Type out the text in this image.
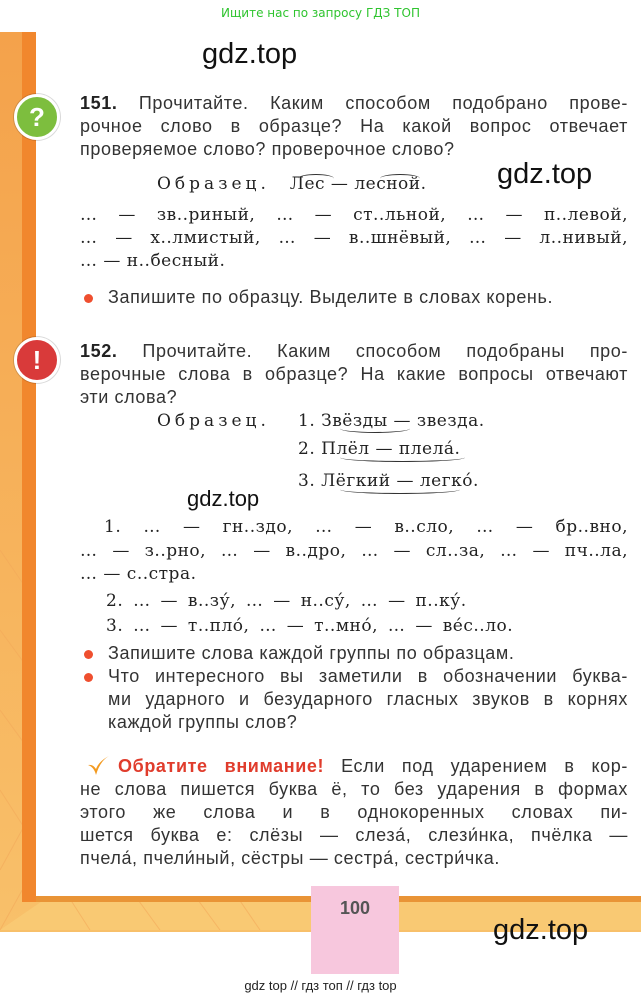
Ищите нас по запросу ГДЗ ТОП
gdz.top
gdz.top
gdz.top
gdz.top
?	151. Прочитайте. Каким способом подобрано прове-
рочное слово в образце? На какой вопрос отвечает
проверяемое слово? проверочное слово?
Образец. Лес — лесной.
… — зв..риный, … — ст..льной, … — п..левой,
… — х..лмистый, … — в..шнёвый, … — л..нивый,
… — н..бесный.
Запишите по образцу. Выделите в словах корень.
!	152. Прочитайте. Каким способом подобраны про-
верочные слова в образце? На какие вопросы отвечают
эти слова?
Образец. 1. Звёзды — звезда.
2. Плёл — плела́.
3. Лёгкий — легко́.
1. … — гн..здо, … — в..сло, … — бр..вно,
… — з..рно, … — в..дро, … — сл..за, … — пч..ла,
… — с..стра.
2. … — в..зу́, … — н..су́, … — п..ку́.
3. … — т..пло́, … — т..мно́, … — ве́с..ло.
Запишите слова каждой группы по образцам.
Что интересного вы заметили в обозначении буква-
ми ударного и безударного гласных звуков в корнях
каждой группы слов?
Обратите внимание! Если под ударением в кор-
не слова пишется буква ё, то без ударения в формах
этого же слова и в однокоренных словах пи-
шется буква е: слёзы — слеза́, слези́нка, пчёлка —
пчела́, пчели́ный, сёстры — сестра́, сестри́чка.
100
gdz top // гдз топ // гдз top
